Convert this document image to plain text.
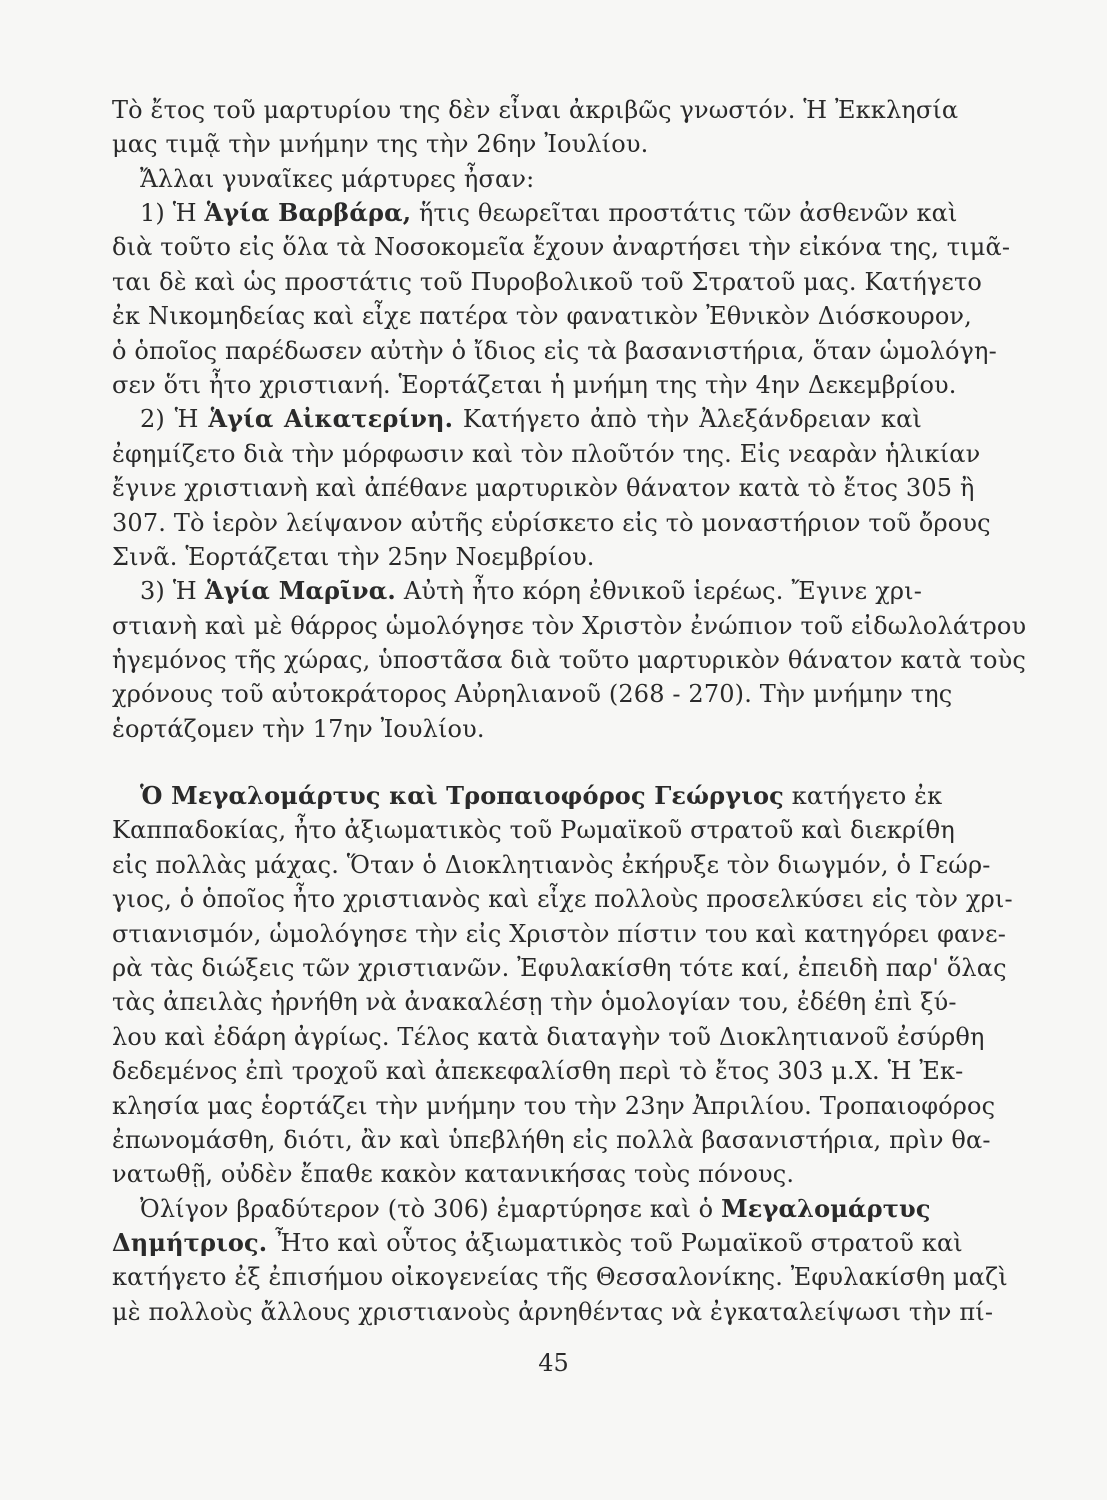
Τὸ ἔτος τοῦ μαρτυρίου της δὲν εἶναι ἀκριβῶς γνωστόν. Ἡ Ἐκκλησία
μας τιμᾷ τὴν μνήμην της τὴν 26ην Ἰουλίου.
Ἄλλαι γυναῖκες μάρτυρες ἦσαν:
1) Ἡ Ἁγία Βαρβάρα, ἥτις θεωρεῖται προστάτις τῶν ἀσθενῶν καὶ
διὰ τοῦτο εἰς ὅλα τὰ Νοσοκομεῖα ἔχουν ἀναρτήσει τὴν εἰκόνα της, τιμᾶ-
ται δὲ καὶ ὡς προστάτις τοῦ Πυροβολικοῦ τοῦ Στρατοῦ μας. Κατήγετο
ἐκ Νικομηδείας καὶ εἶχε πατέρα τὸν φανατικὸν Ἐθνικὸν Διόσκουρον,
ὁ ὁποῖος παρέδωσεν αὐτὴν ὁ ἴδιος εἰς τὰ βασανιστήρια, ὅταν ὡμολόγη-
σεν ὅτι ἦτο χριστιανή. Ἑορτάζεται ἡ μνήμη της τὴν 4ην Δεκεμβρίου.
2) Ἡ Ἁγία Αἰκατερίνη. Κατήγετο ἀπὸ τὴν Ἀλεξάνδρειαν καὶ
ἐφημίζετο διὰ τὴν μόρφωσιν καὶ τὸν πλοῦτόν της. Εἰς νεαρὰν ἡλικίαν
ἔγινε χριστιανὴ καὶ ἀπέθανε μαρτυρικὸν θάνατον κατὰ τὸ ἔτος 305 ἢ
307. Τὸ ἱερὸν λείψανον αὐτῆς εὑρίσκετο εἰς τὸ μοναστήριον τοῦ ὄρους
Σινᾶ. Ἑορτάζεται τὴν 25ην Νοεμβρίου.
3) Ἡ Ἁγία Μαρῖνα. Αὐτὴ ἦτο κόρη ἐθνικοῦ ἱερέως. Ἔγινε χρι-
στιανὴ καὶ μὲ θάρρος ὡμολόγησε τὸν Χριστὸν ἐνώπιον τοῦ εἰδωλολάτρου
ἡγεμόνος τῆς χώρας, ὑποστᾶσα διὰ τοῦτο μαρτυρικὸν θάνατον κατὰ τοὺς
χρόνους τοῦ αὐτοκράτορος Αὐρηλιανοῦ (268 - 270). Τὴν μνήμην της
ἑορτάζομεν τὴν 17ην Ἰουλίου.
Ὁ Μεγαλομάρτυς καὶ Τροπαιοφόρος Γεώργιος κατήγετο ἐκ
Καππαδοκίας, ἦτο ἀξιωματικὸς τοῦ Ρωμαϊκοῦ στρατοῦ καὶ διεκρίθη
εἰς πολλὰς μάχας. Ὅταν ὁ Διοκλητιανὸς ἐκήρυξε τὸν διωγμόν, ὁ Γεώρ-
γιος, ὁ ὁποῖος ἦτο χριστιανὸς καὶ εἶχε πολλοὺς προσελκύσει εἰς τὸν χρι-
στιανισμόν, ὡμολόγησε τὴν εἰς Χριστὸν πίστιν του καὶ κατηγόρει φανε-
ρὰ τὰς διώξεις τῶν χριστιανῶν. Ἐφυλακίσθη τότε καί, ἐπειδὴ παρ' ὅλας
τὰς ἀπειλὰς ἠρνήθη νὰ ἀνακαλέσῃ τὴν ὁμολογίαν του, ἐδέθη ἐπὶ ξύ-
λου καὶ ἐδάρη ἀγρίως. Τέλος κατὰ διαταγὴν τοῦ Διοκλητιανοῦ ἐσύρθη
δεδεμένος ἐπὶ τροχοῦ καὶ ἀπεκεφαλίσθη περὶ τὸ ἔτος 303 μ.Χ. Ἡ Ἐκ-
κλησία μας ἑορτάζει τὴν μνήμην του τὴν 23ην Ἀπριλίου. Τροπαιοφόρος
ἐπωνομάσθη, διότι, ἂν καὶ ὑπεβλήθη εἰς πολλὰ βασανιστήρια, πρὶν θα-
νατωθῇ, οὐδὲν ἔπαθε κακὸν κατανικήσας τοὺς πόνους.
Ὀλίγον βραδύτερον (τὸ 306) ἐμαρτύρησε καὶ ὁ Μεγαλομάρτυς
Δημήτριος. Ἦτο καὶ οὗτος ἀξιωματικὸς τοῦ Ρωμαϊκοῦ στρατοῦ καὶ
κατήγετο ἐξ ἐπισήμου οἰκογενείας τῆς Θεσσαλονίκης. Ἐφυλακίσθη μαζὶ
μὲ πολλοὺς ἄλλους χριστιανοὺς ἀρνηθέντας νὰ ἐγκαταλείψωσι τὴν πί-
45
